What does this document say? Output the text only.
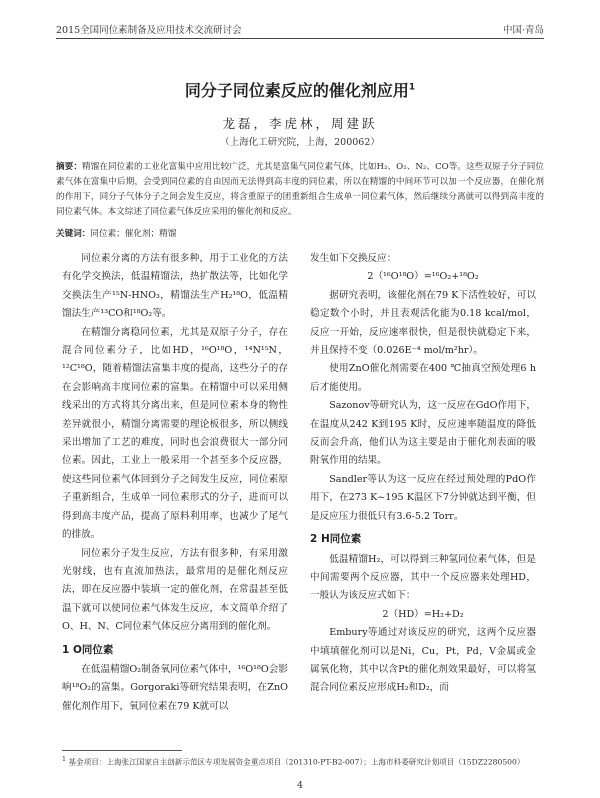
2015全国同位素制备及应用技术交流研讨会	中国·青岛
同分子同位素反应的催化剂应用$^1$
龙磊，李虎林，周建跃
（上海化工研究院，上海，200062）
摘要：精馏在同位素的工业化富集中应用比较广泛，尤其是富集气同位素气体，比如H₂、O₂、N₂、CO等。这些双原子分子同位素气体在富集中后期，会受到同位素的自由因而无法得到高丰度的同位素，所以在精馏的中间环节可以加一个反应器，在催化剂的作用下，同分子气体分子之间会发生反应，将含重原子的团重新组合生成单一同位素气体，然后继续分离就可以得到高丰度的同位素气体。本文综述了同位素气体反应采用的催化剂和反应。
关键词：同位素；催化剂；精馏

同位素分离的方法有很多种，用于工业化的方法有化学交换法，低温精馏法，热扩散法等，比如化学交换法生产¹⁵N-HNO₃，精馏法生产H₂¹⁸O，低温精馏法生产¹³CO和¹⁸O₂等。

在精馏分离稳同位素，尤其是双原子分子，存在混合同位素分子，比如HD，¹⁶O¹⁸O，¹⁴N¹⁵N，¹²C¹⁸O，随着精馏法富集丰度的提高，这些分子的存在会影响高丰度同位素的富集。在精馏中可以采用侧线采出的方式将其分离出来，但是同位素本身的物性差异就很小，精馏分离需要的理论板很多，所以侧线采出增加了工艺的难度，同时也会浪费很大一部分同位素。因此，工业上一般采用一个甚至多个反应器，使这些同位素气体回到分子之间发生反应，同位素原子重新组合，生成单一同位素形式的分子，进而可以得到高丰度产品，提高了原料利用率，也减少了尾气的排放。

同位素分子发生反应，方法有很多种，有采用激光射线，也有直流加热法，最常用的是催化剂反应法，即在反应器中装填一定的催化剂，在常温甚至低温下就可以使同位素气体发生反应，本文简单介绍了O、H、N、C同位素气体反应分离用到的催化剂。

1 O同位素

在低温精馏O₂制备氧同位素气体中，¹⁶O¹⁸O会影响¹⁸O₂的富集。Gorgoraki等研究结果表明，在ZnO催化剂作用下，氧同位素在79 K就可以

发生如下交换反应：

2（¹⁶O¹⁸O）=¹⁶O₂+¹⁸O₂

据研究表明，该催化剂在79 K下活性较好，可以稳定数个小时，并且表观活化能为0.18 kcal/mol，反应一开始，反应速率很快，但是很快就稳定下来，并且保持不变（0.026E⁻⁴ mol/m²hr）。

使用ZnO催化剂需要在400 ℃抽真空预处理6 h后才能使用。

Sazonov等研究认为，这一反应在GdO作用下，在温度从242 K到195 K时，反应速率随温度的降低反而会升高，他们认为这主要是由于催化剂表面的吸附氧作用的结果。

Sandler等认为这一反应在经过预处理的PdO作用下，在273 K~195 K温区下7分钟就达到平衡，但是反应压力很低只有3.6-5.2 Torr。

2 H同位素

低温精馏H₂，可以得到三种氢同位素气体，但是中间需要两个反应器，其中一个反应器来处理HD，一般认为该反应式如下：

2（HD）=H₂+D₂

Embury等通过对该反应的研究，这两个反应器中填填催化剂可以是Ni，Cu，Pt，Pd，V金属或金属氧化物，其中以含Pt的催化剂效果最好，可以将氢混合同位素反应形成H₂和D₂，而

$^1$ 基金项目：上海张江国家自主创新示范区专项发展资金重点项目（201310-PT-B2-007）；上海市科委研究计划项目（15DZ2280500）
4
